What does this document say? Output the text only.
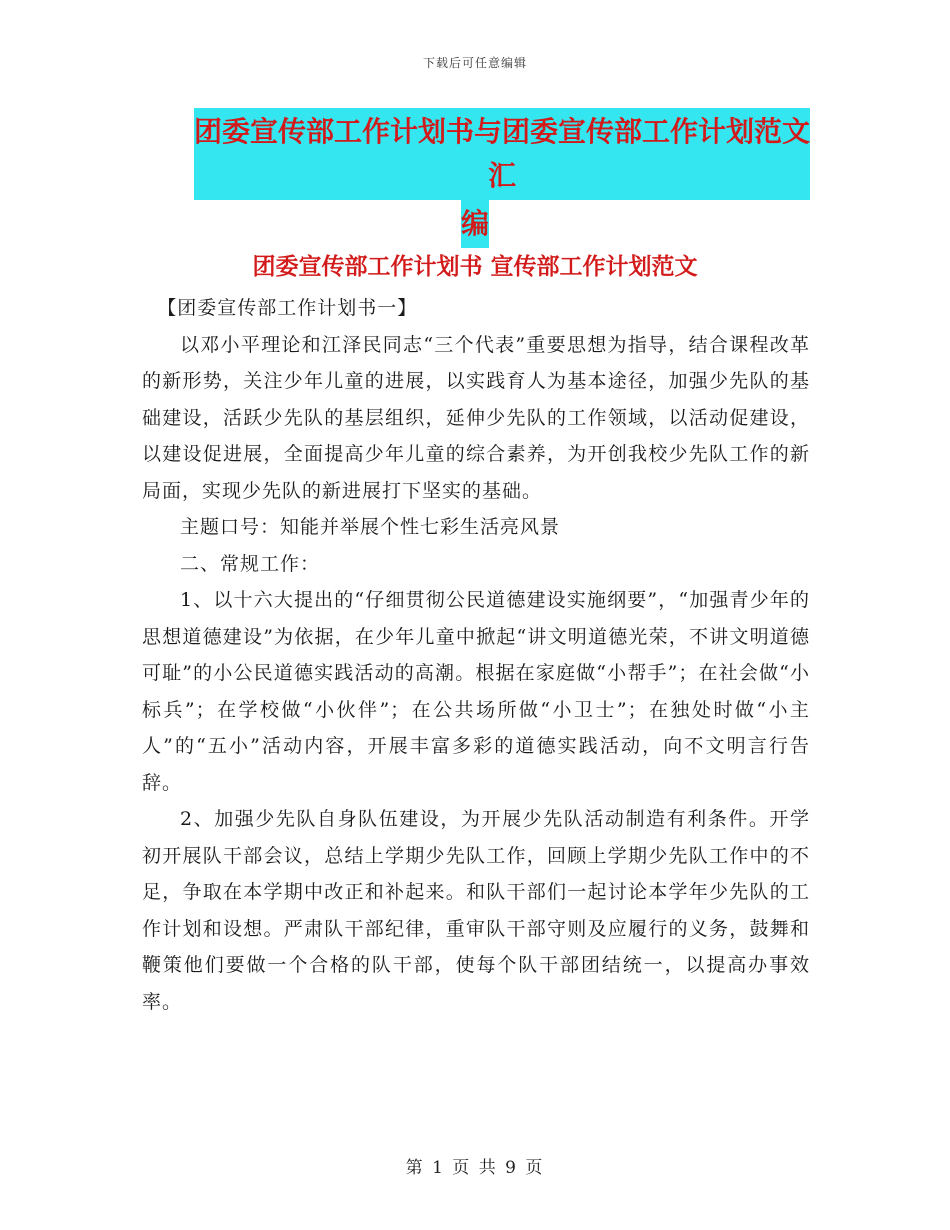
下载后可任意编辑
团委宣传部工作计划书与团委宣传部工作计划范文汇
编
团委宣传部工作计划书 宣传部工作计划范文

【团委宣传部工作计划书一】

以邓小平理论和江泽民同志“三个代表”重要思想为指导，结合课程改革的新形势，关注少年儿童的进展，以实践育人为基本途径，加强少先队的基础建设，活跃少先队的基层组织，延伸少先队的工作领域，以活动促建设，以建设促进展，全面提高少年儿童的综合素养，为开创我校少先队工作的新局面，实现少先队的新进展打下坚实的基础。

主题口号：知能并举展个性七彩生活亮风景

二、常规工作：

1、以十六大提出的“仔细贯彻公民道德建设实施纲要”，“加强青少年的思想道德建设”为依据，在少年儿童中掀起“讲文明道德光荣，不讲文明道德可耻”的小公民道德实践活动的高潮。根据在家庭做“小帮手”；在社会做“小标兵”；在学校做“小伙伴”；在公共场所做“小卫士”；在独处时做“小主人”的“五小”活动内容，开展丰富多彩的道德实践活动，向不文明言行告辞。

2、加强少先队自身队伍建设，为开展少先队活动制造有利条件。开学初开展队干部会议，总结上学期少先队工作，回顾上学期少先队工作中的不足，争取在本学期中改正和补起来。和队干部们一起讨论本学年少先队的工作计划和设想。严肃队干部纪律，重审队干部守则及应履行的义务，鼓舞和鞭策他们要做一个合格的队干部，使每个队干部团结统一，以提高办事效率。

第 1 页 共 9 页
